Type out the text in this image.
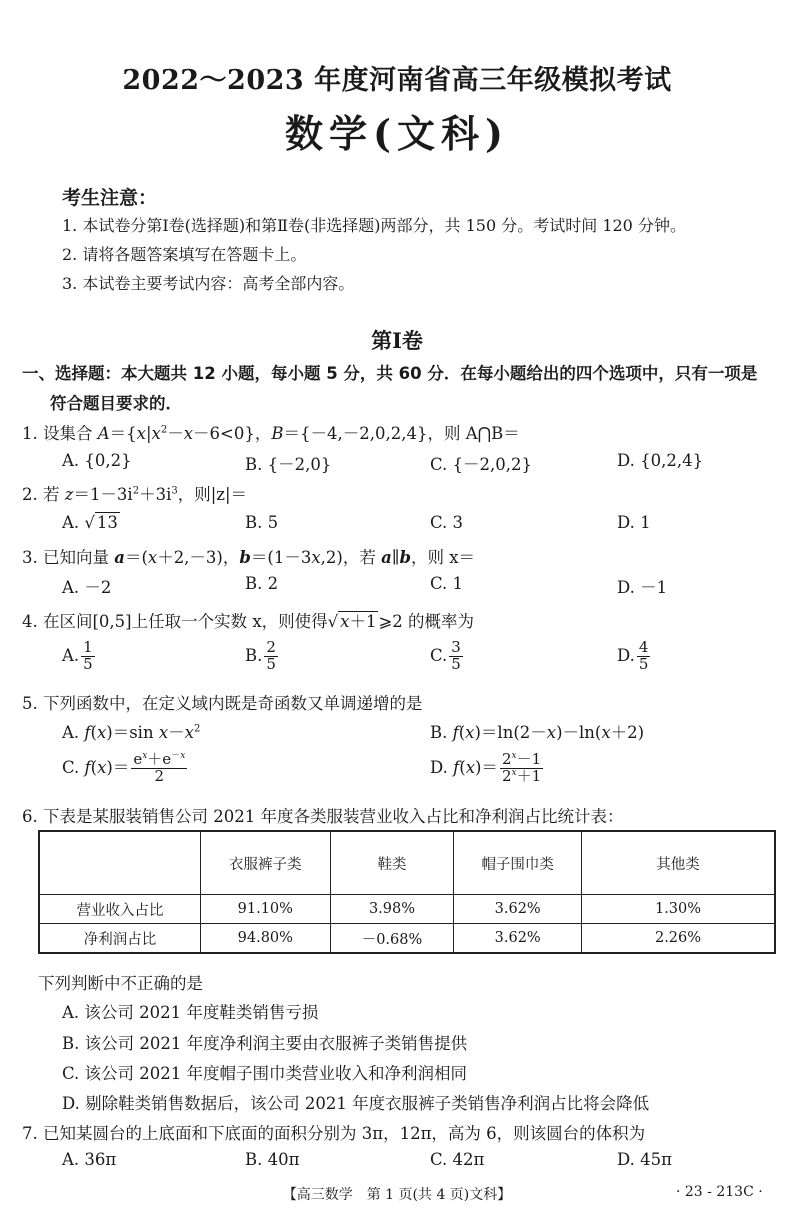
2022～2023 年度河南省高三年级模拟考试
数学(文科)
考生注意：
1. 本试卷分第Ⅰ卷(选择题)和第Ⅱ卷(非选择题)两部分，共 150 分。考试时间 120 分钟。
2. 请将各题答案填写在答题卡上。
3. 本试卷主要考试内容：高考全部内容。
第Ⅰ卷
一、选择题：本大题共 12 小题，每小题 5 分，共 60 分．在每小题给出的四个选项中，只有一项是
符合题目要求的．
1. 设集合 $A=\{x|x^2-x-6<0\}$，B＝{－4,－2,0,2,4}，则 A⋂B＝
A. {0,2}	B. {－2,0}	C. {－2,0,2}	D. {0,2,4}
2. 若 $z=1-3i^2+3i^3$，则|z|＝
A. √ 13	B. 5	C. 3	D. 1
3. 已知向量 a＝(x＋2,－3)，b＝(1－3x,2)，若 a∥b，则 x＝
A. －2	B. 2	C. 1	D. －1
4. 在区间[0,5]上任取一个实数 x，则使得√ x＋1 ⩾2 的概率为
A. $\frac{1}{5}$	B. $\frac{2}{5}$	C. $\frac{3}{5}$	D. $\frac{4}{5}$
5. 下列函数中，在定义域内既是奇函数又单调递增的是
A. f(x)＝sin $x-x^2$	B. f(x)＝ln(2－x)－ln(x＋2)
C. $f(x)= \frac{e^x+e^{-x}}{2}$	D. $f(x)= \frac{2^x-1}{2^x+1}$
6. 下表是某服装销售公司 2021 年度各类服装营业收入占比和净利润占比统计表：
	衣服裤子类	鞋类	帽子围巾类	其他类
营业收入占比	91.10%	3.98%	3.62%	1.30%
净利润占比	94.80%	－0.68%	3.62%	2.26%
下列判断中不正确的是
A. 该公司 2021 年度鞋类销售亏损
B. 该公司 2021 年度净利润主要由衣服裤子类销售提供
C. 该公司 2021 年度帽子围巾类营业收入和净利润相同
D. 剔除鞋类销售数据后，该公司 2021 年度衣服裤子类销售净利润占比将会降低
7. 已知某圆台的上底面和下底面的面积分别为 3π，12π，高为 6，则该圆台的体积为
A. 36π	B. 40π	C. 42π	D. 45π
【高三数学　第 1 页(共 4 页)文科】	· 23 - 213C ·
